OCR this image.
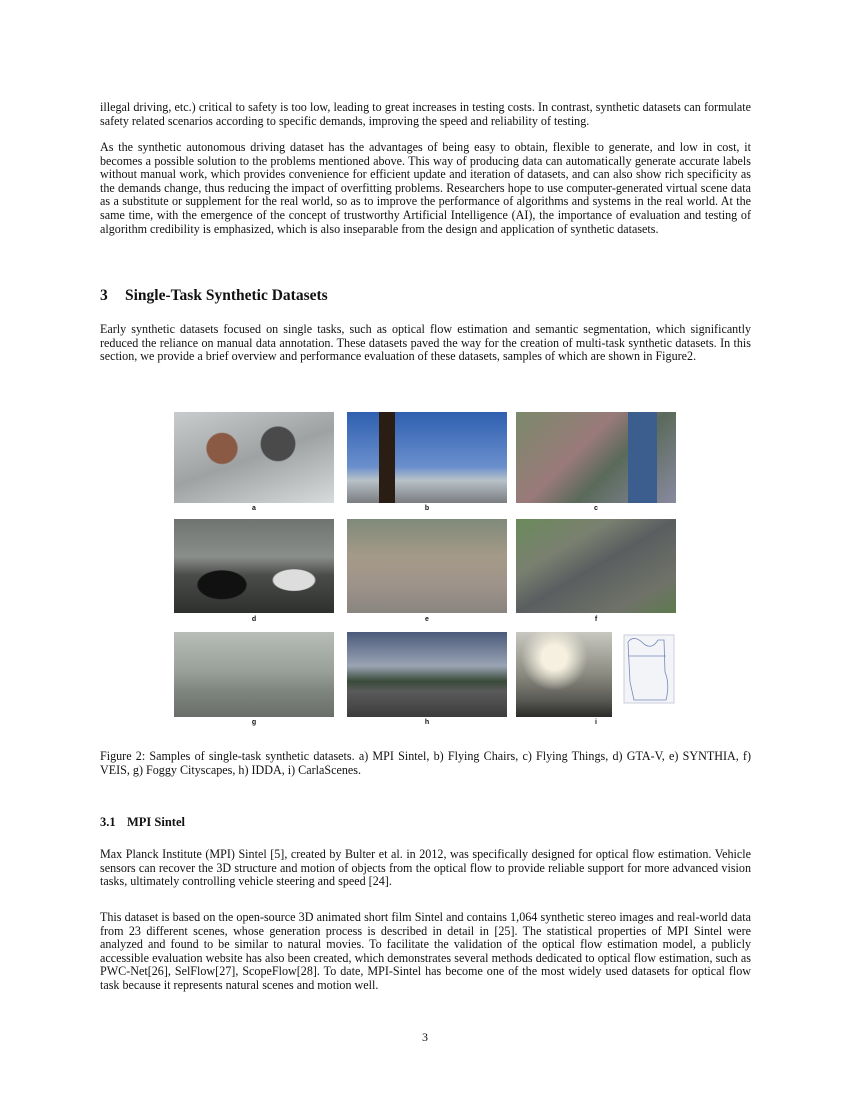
illegal driving, etc.) critical to safety is too low, leading to great increases in testing costs. In contrast, synthetic datasets can formulate safety related scenarios according to specific demands, improving the speed and reliability of testing.

As the synthetic autonomous driving dataset has the advantages of being easy to obtain, flexible to generate, and low in cost, it becomes a possible solution to the problems mentioned above. This way of producing data can automatically generate accurate labels without manual work, which provides convenience for efficient update and iteration of datasets, and can also show rich specificity as the demands change, thus reducing the impact of overfitting problems. Researchers hope to use computer-generated virtual scene data as a substitute or supplement for the real world, so as to improve the performance of algorithms and systems in the real world. At the same time, with the emergence of the concept of trustworthy Artificial Intelligence (AI), the importance of evaluation and testing of algorithm credibility is emphasized, which is also inseparable from the design and application of synthetic datasets.

3 Single-Task Synthetic Datasets

Early synthetic datasets focused on single tasks, such as optical flow estimation and semantic segmentation, which significantly reduced the reliance on manual data annotation. These datasets paved the way for the creation of multi-task synthetic datasets. In this section, we provide a brief overview and performance evaluation of these datasets, samples of which are shown in Figure2.

a	b	c
d	e	f
g	h	i

Figure 2: Samples of single-task synthetic datasets. a) MPI Sintel, b) Flying Chairs, c) Flying Things, d) GTA-V, e) SYNTHIA, f) VEIS, g) Foggy Cityscapes, h) IDDA, i) CarlaScenes.

3.1 MPI Sintel

Max Planck Institute (MPI) Sintel [5], created by Bulter et al. in 2012, was specifically designed for optical flow estimation. Vehicle sensors can recover the 3D structure and motion of objects from the optical flow to provide reliable support for more advanced vision tasks, ultimately controlling vehicle steering and speed [24].

This dataset is based on the open-source 3D animated short film Sintel and contains 1,064 synthetic stereo images and real-world data from 23 different scenes, whose generation process is described in detail in [25]. The statistical properties of MPI Sintel were analyzed and found to be similar to natural movies. To facilitate the validation of the optical flow estimation model, a publicly accessible evaluation website has also been created, which demonstrates several methods dedicated to optical flow estimation, such as PWC-Net[26], SelFlow[27], ScopeFlow[28]. To date, MPI-Sintel has become one of the most widely used datasets for optical flow task because it represents natural scenes and motion well.

3
